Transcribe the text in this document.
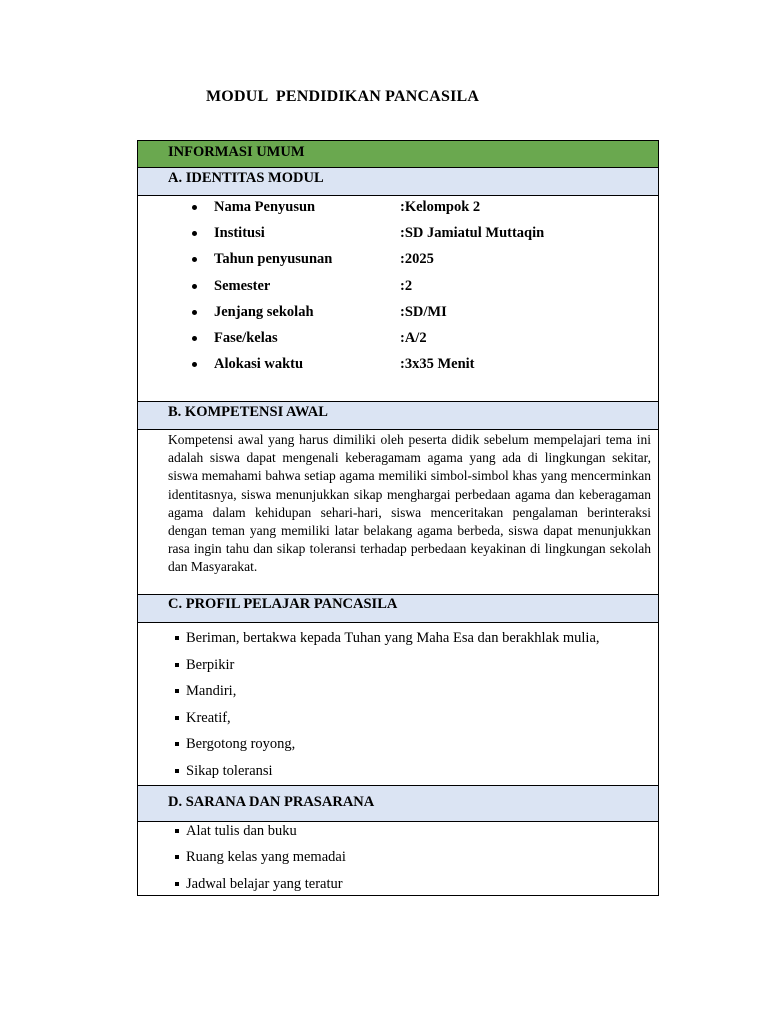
MODUL  PENDIDIKAN PANCASILA
INFORMASI UMUM
A. IDENTITAS MODUL
Nama Penyusun	:Kelompok 2
Institusi	:SD Jamiatul Muttaqin
Tahun penyusunan	:2025
Semester	:2
Jenjang sekolah	:SD/MI
Fase/kelas	:A/2
Alokasi waktu	:3x35 Menit
B. KOMPETENSI AWAL
Kompetensi awal yang harus dimiliki oleh peserta didik sebelum mempelajari tema ini adalah siswa dapat mengenali keberagamam agama yang ada di lingkungan sekitar, siswa memahami bahwa setiap agama memiliki simbol-simbol khas yang mencerminkan identitasnya, siswa menunjukkan sikap menghargai perbedaan agama dan keberagaman agama dalam kehidupan sehari-hari, siswa menceritakan pengalaman berinteraksi dengan teman yang memiliki latar belakang agama berbeda, siswa dapat menunjukkan rasa ingin tahu dan sikap toleransi terhadap perbedaan keyakinan di lingkungan sekolah dan Masyarakat.
C. PROFIL PELAJAR PANCASILA
Beriman, bertakwa kepada Tuhan yang Maha Esa dan berakhlak mulia,
Berpikir
Mandiri,
Kreatif,
Bergotong royong,
Sikap toleransi
D. SARANA DAN PRASARANA
Alat tulis dan buku
Ruang kelas yang memadai
Jadwal belajar yang teratur
